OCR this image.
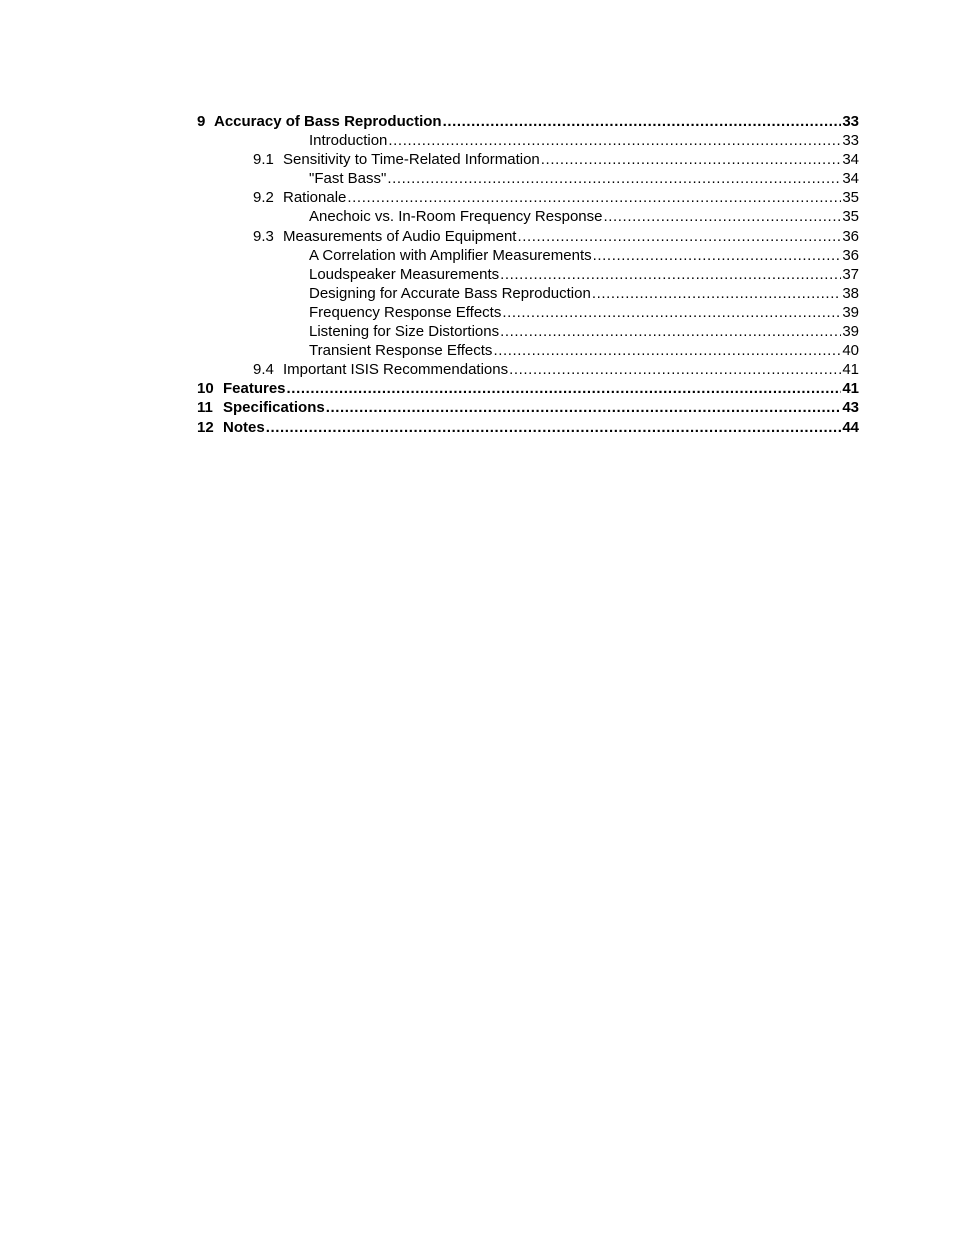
9 Accuracy of Bass Reproduction .....	33
Introduction .....	33
9.1 Sensitivity to Time-Related Information .....	34
"Fast Bass" .....	34
9.2 Rationale .....	35
Anechoic vs. In-Room Frequency Response .....	35
9.3 Measurements of Audio Equipment .....	36
A Correlation with Amplifier Measurements .....	36
Loudspeaker Measurements .....	37
Designing for Accurate Bass Reproduction .....	38
Frequency Response Effects .....	39
Listening for Size Distortions .....	39
Transient Response Effects .....	40
9.4 Important ISIS Recommendations .....	41
10 Features .....	41
11 Specifications .....	43
12 Notes .....	44
